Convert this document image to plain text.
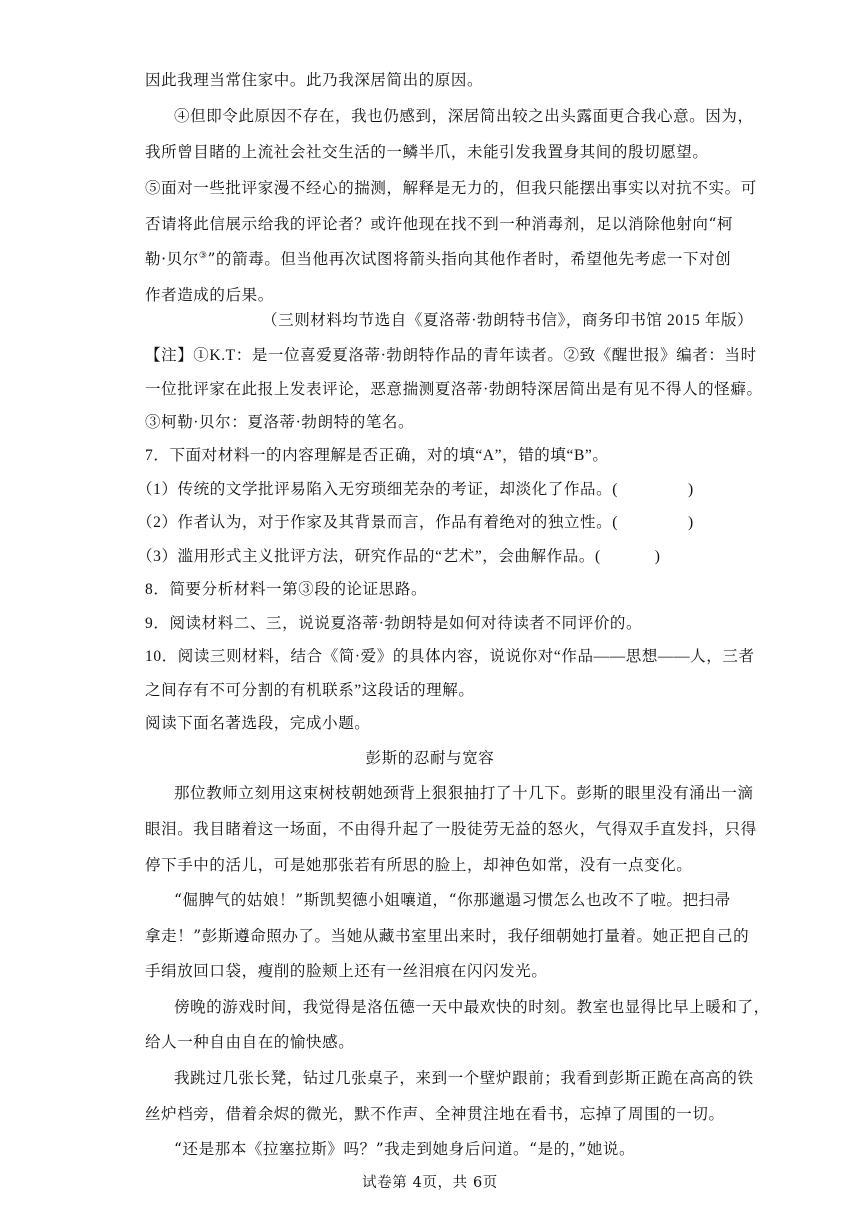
因此我理当常住家中。此乃我深居简出的原因。

④但即令此原因不存在，我也仍感到，深居简出较之出头露面更合我心意。因为，

我所曾目睹的上流社会社交生活的一鳞半爪，未能引发我置身其间的殷切愿望。

⑤面对一些批评家漫不经心的揣测，解释是无力的，但我只能摆出事实以对抗不实。可

否请将此信展示给我的评论者？或许他现在找不到一种消毒剂，足以消除他射向“柯

勒·贝尔③”的箭毒。但当他再次试图将箭头指向其他作者时，希望他先考虑一下对创

作者造成的后果。

（三则材料均节选自《夏洛蒂·勃朗特书信》，商务印书馆 2015 年版）

【注】①K.T：是一位喜爱夏洛蒂·勃朗特作品的青年读者。②致《醒世报》编者：当时

一位批评家在此报上发表评论，恶意揣测夏洛蒂·勃朗特深居简出是有见不得人的怪癖。

③柯勒·贝尔：夏洛蒂·勃朗特的笔名。

7．下面对材料一的内容理解是否正确，对的填“A”，错的填“B”。

（1）传统的文学批评易陷入无穷琐细芜杂的考证，却淡化了作品。(	)

（2）作者认为，对于作家及其背景而言，作品有着绝对的独立性。(	)

（3）滥用形式主义批评方法，研究作品的“艺术”，会曲解作品。(	)

8．简要分析材料一第③段的论证思路。

9．阅读材料二、三，说说夏洛蒂·勃朗特是如何对待读者不同评价的。

10．阅读三则材料，结合《简·爱》的具体内容，说说你对“作品——思想——人，三者

之间存有不可分割的有机联系”这段话的理解。

阅读下面名著选段，完成小题。

彭斯的忍耐与宽容

那位教师立刻用这束树枝朝她颈背上狠狠抽打了十几下。彭斯的眼里没有涌出一滴

眼泪。我目睹着这一场面，不由得升起了一股徒劳无益的怒火，气得双手直发抖，只得

停下手中的活儿，可是她那张若有所思的脸上，却神色如常，没有一点变化。

“倔脾气的姑娘！”斯凯契德小姐嚷道，“你那邋遢习惯怎么也改不了啦。把扫帚

拿走！”彭斯遵命照办了。当她从藏书室里出来时，我仔细朝她打量着。她正把自己的

手绢放回口袋，瘦削的脸颊上还有一丝泪痕在闪闪发光。

傍晚的游戏时间，我觉得是洛伍德一天中最欢快的时刻。教室也显得比早上暖和了，

给人一种自由自在的愉快感。

我跳过几张长凳，钻过几张桌子，来到一个壁炉跟前；我看到彭斯正跪在高高的铁

丝炉档旁，借着余烬的微光，默不作声、全神贯注地在看书，忘掉了周围的一切。

“还是那本《拉塞拉斯》吗？”我走到她身后问道。“是的，”她说。

试卷第 4页，共 6页
